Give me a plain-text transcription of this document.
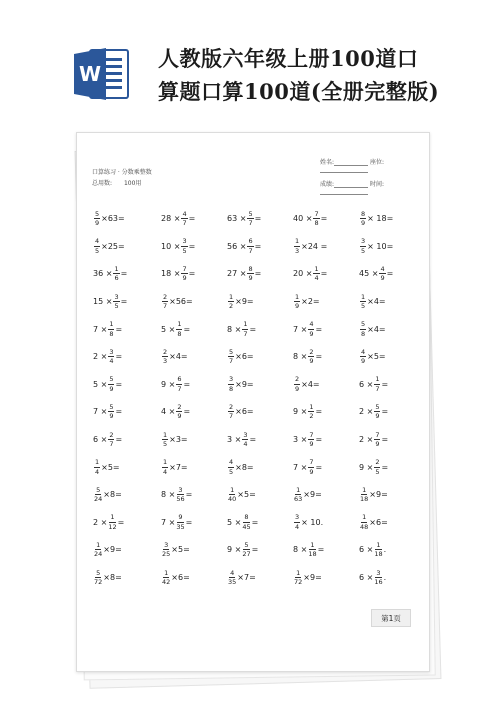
W
人教版六年级上册100道口
算题口算100道(全册完整版)
口算练习 · 分数乘整数
总用数: 100用
姓名:	座位:
成绩:	时间:
$\frac{5}{9} \times 63=$	$28 \times \frac{4}{7}$ =	$63 \times \frac{5}{7}$ =	$40 \times \frac{7}{8}$ =	$\frac{8}{9} \times 18=$
$\frac{4}{5} \times 25=$	$10 \times \frac{3}{5}$ =	$56 \times \frac{6}{7}$ =	$\frac{1}{3} \times 24$ =	$\frac{3}{5} \times 10=$
$36 \times \frac{1}{6}$ =	$18 \times \frac{7}{9}$ =	$27 \times \frac{8}{9}$ =	$20 \times \frac{1}{4}$ =	$45 \times \frac{4}{9}$ =
$15 \times \frac{3}{5}$ =	$\frac{2}{7} \times 56=$	$\frac{1}{2} \times 9=$	$\frac{1}{9} \times 2=$	$\frac{1}{5} \times 4=$
$7 \times \frac{1}{8}$ =	$5 \times \frac{1}{8}$ =	$8 \times \frac{1}{7}$ =	$7 \times \frac{4}{9}$ =	$\frac{5}{8} \times 4=$
$2 \times \frac{3}{4}$ =	$\frac{2}{3} \times 4=$	$\frac{5}{7} \times 6=$	$8 \times \frac{2}{9}$ =	$\frac{4}{9} \times 5=$
$5 \times \frac{5}{9}$ =	$9 \times \frac{6}{7}$ =	$\frac{3}{8} \times 9=$	$\frac{2}{9} \times 4=$	$6 \times \frac{1}{7}$ =
$7 \times \frac{5}{9}$ =	$4 \times \frac{2}{9}$ =	$\frac{2}{7} \times 6=$	$9 \times \frac{1}{2}$ =	$2 \times \frac{5}{9}$ =
$6 \times \frac{2}{7}$ =	$\frac{1}{5} \times 3=$	$3 \times \frac{3}{4}$ =	$3 \times \frac{7}{9}$ =	$2 \times \frac{7}{9}$ =
$\frac{1}{4} \times 5=$	$\frac{1}{4} \times 7=$	$\frac{4}{5} \times 8=$	$7 \times \frac{7}{9}$ =	$9 \times \frac{2}{5}$ =
$\frac{5}{24} \times 8=$	$8 \times \frac{3}{56}$ =	$\frac{1}{40} \times 5=$	$\frac{1}{63} \times 9=$	$\frac{1}{18} \times 9=$
$2 \times \frac{1}{12}$ =	$7 \times \frac{9}{35}$ =	$5 \times \frac{8}{45}$ =	$\frac{3}{4} \times 10$.	$\frac{1}{48} \times 6=$
$\frac{1}{24} \times 9=$	$\frac{3}{25} \times 5=$	$9 \times \frac{5}{27}$ =	$8 \times \frac{1}{18}$ =	$6 \times \frac{1}{18}$ .
$\frac{5}{72} \times 8=$	$\frac{1}{42} \times 6=$	$\frac{4}{35} \times 7=$	$\frac{1}{72} \times 9=$	$6 \times \frac{3}{16}$ .
第1页
